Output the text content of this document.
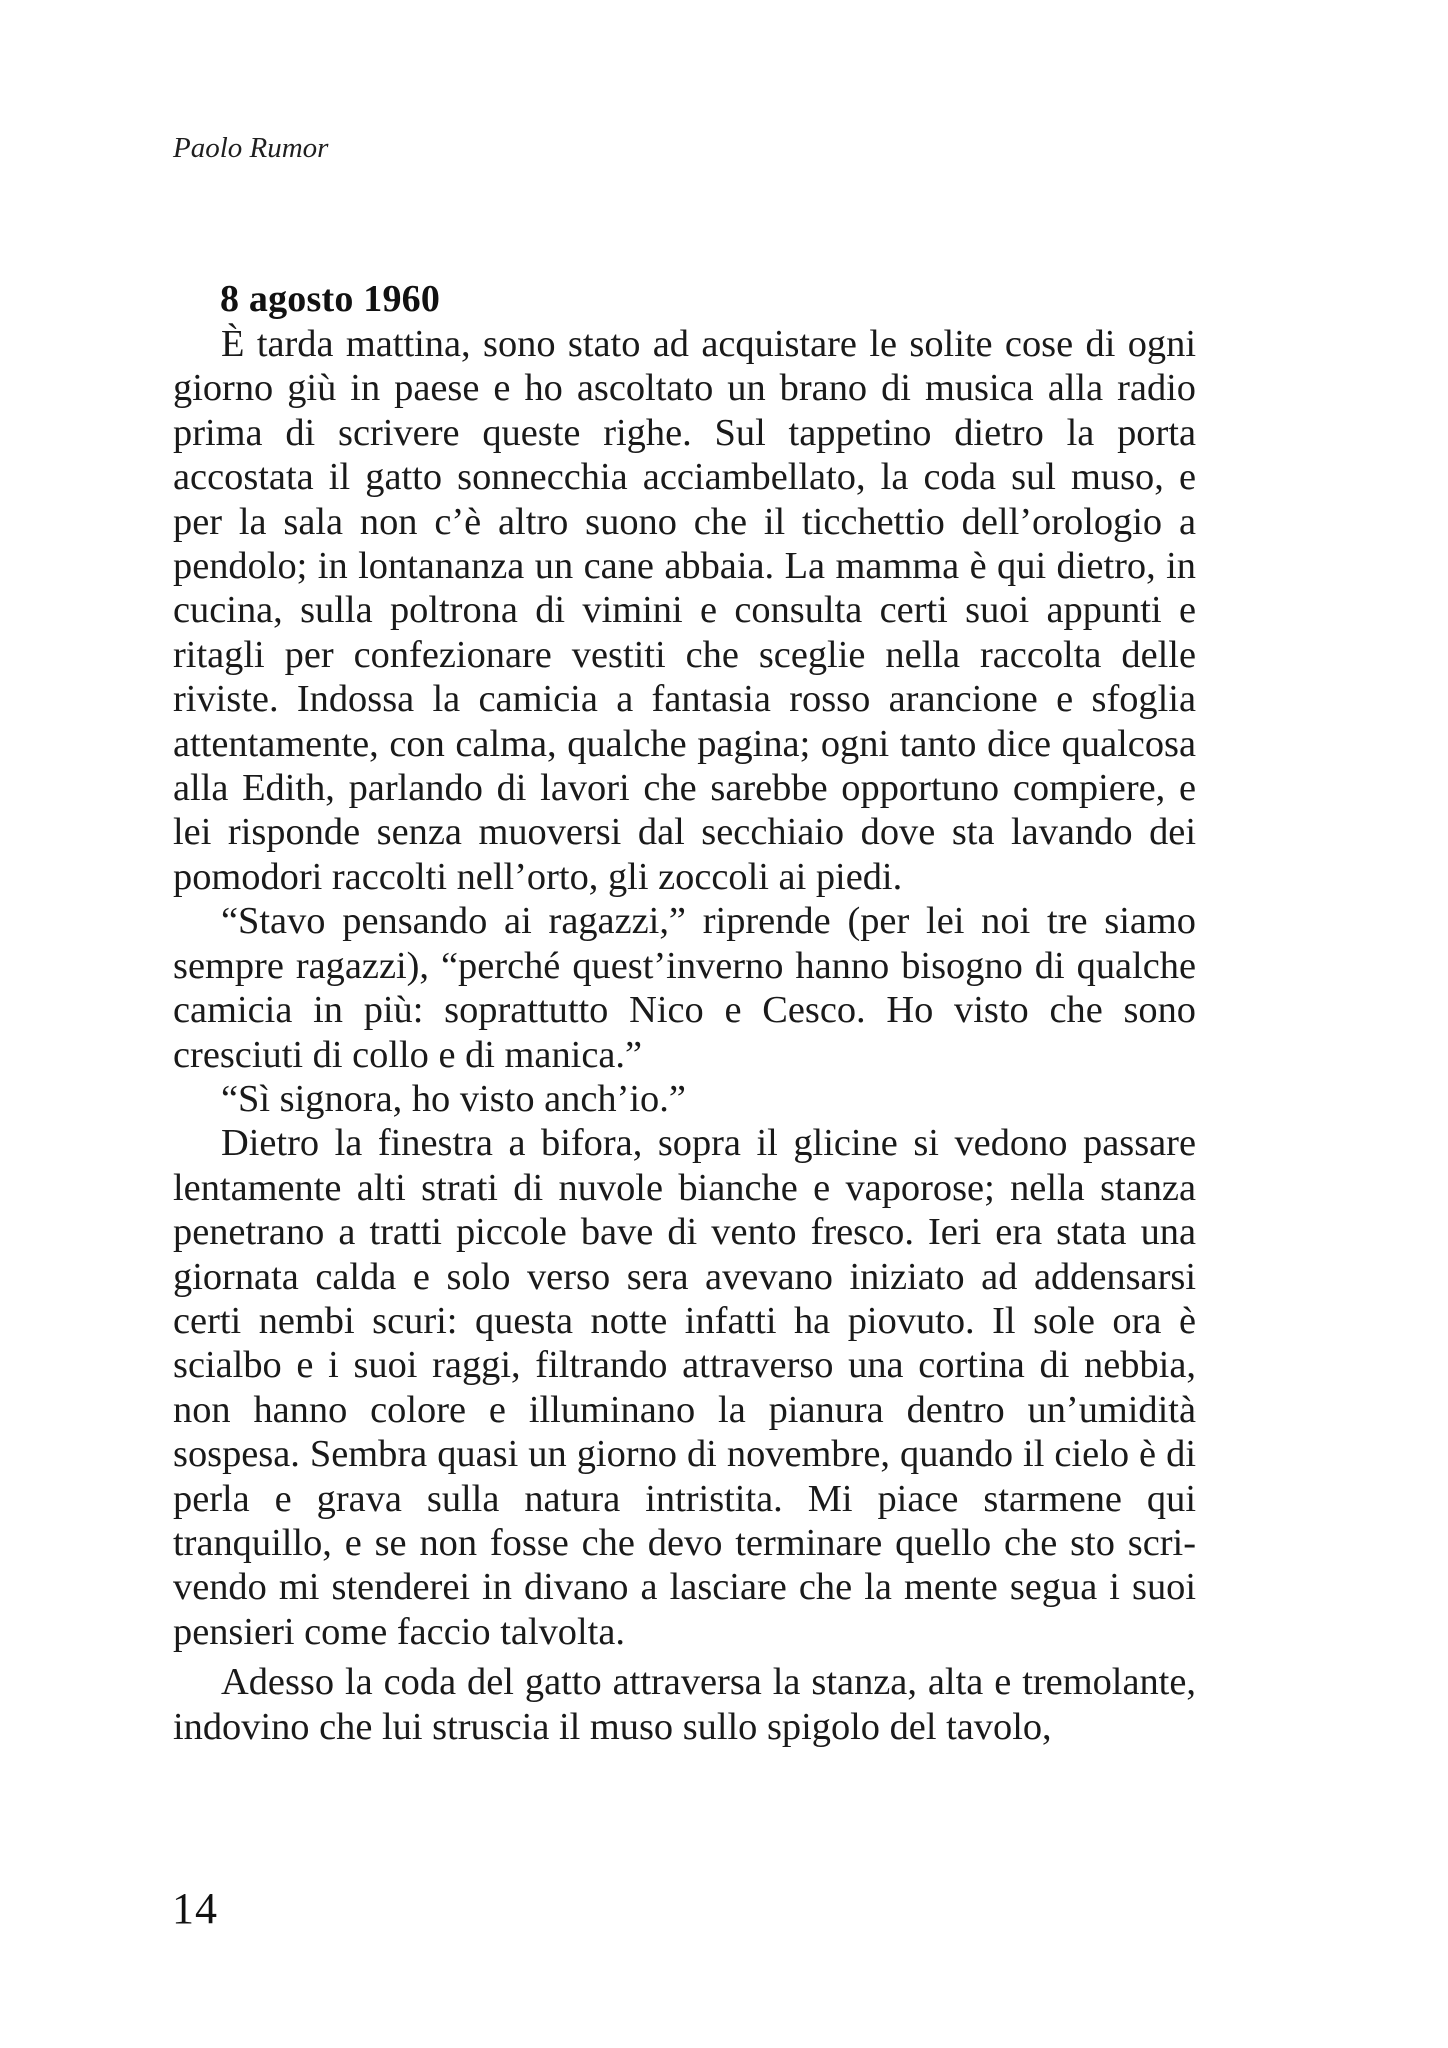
Paolo Rumor
8 agosto 1960

È tarda mattina, sono stato ad acquistare le solite cose di ogni giorno giù in paese e ho ascoltato un brano di musica alla radio prima di scrivere queste righe. Sul tappetino dietro la porta accostata il gatto sonnecchia acciambellato, la coda sul muso, e per la sala non c’è altro suono che il ticchettio dell’orologio a pendolo; in lontananza un cane abbaia. La mamma è qui dietro, in cucina, sulla poltrona di vimini e consulta certi suoi appunti e ritagli per confezionare vestiti che sceglie nella raccolta delle riviste. Indossa la camicia a fantasia rosso arancione e sfoglia attentamente, con calma, qualche pagina; ogni tanto dice qualcosa alla Edith, parlando di lavori che sarebbe opportuno compiere, e lei risponde senza muoversi dal secchiaio dove sta lavando dei pomodori raccolti nell’orto, gli zoccoli ai piedi.

“Stavo pensando ai ragazzi,” riprende (per lei noi tre siamo sempre ragazzi), “perché quest’inverno hanno bisogno di qualche camicia in più: soprattutto Nico e Cesco. Ho visto che sono cresciuti di collo e di manica.”

“Sì signora, ho visto anch’io.”

Dietro la finestra a bifora, sopra il glicine si vedono passare lentamente alti strati di nuvole bianche e vaporose; nella stanza penetrano a tratti piccole bave di vento fresco. Ieri era stata una giornata calda e solo verso sera avevano iniziato ad addensarsi certi nembi scuri: questa notte infatti ha piovuto. Il sole ora è scialbo e i suoi raggi, filtrando attraverso una cortina di nebbia, non hanno colore e illuminano la pianura dentro un’umidità sospesa. Sembra quasi un giorno di novembre, quando il cielo è di perla e grava sulla natura intristita. Mi piace starmene qui tranquillo, e se non fosse che devo terminare quello che sto scrivendo mi stenderei in divano a lasciare che la mente segua i suoi pensieri come faccio talvolta.

Adesso la coda del gatto attraversa la stanza, alta e tremolante, indovino che lui struscia il muso sullo spigolo del tavolo,

14
